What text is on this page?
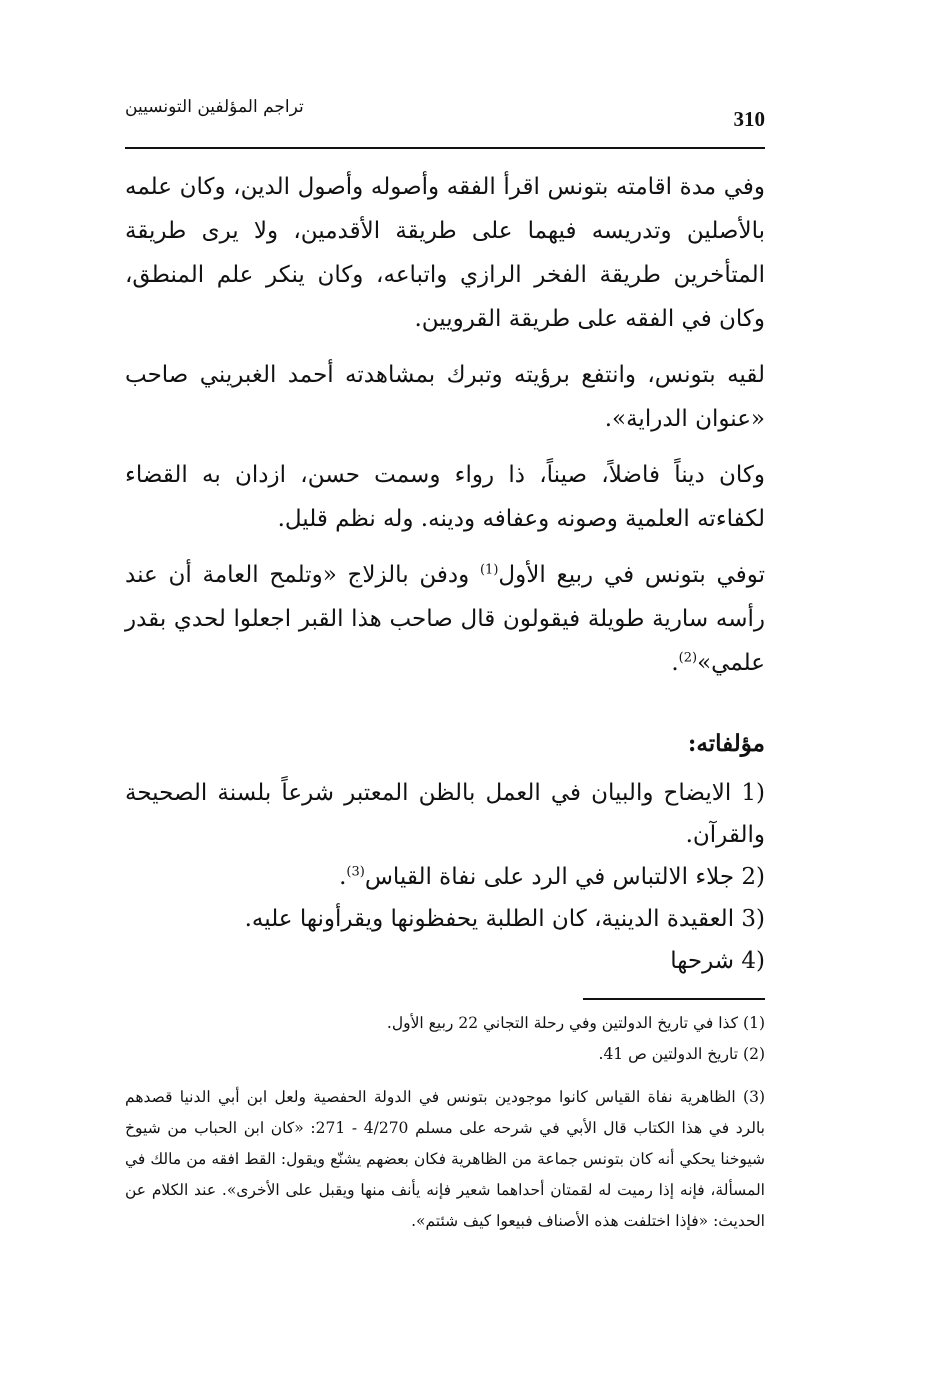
310
تراجم المؤلفين التونسيين

وفي مدة اقامته بتونس اقرأ الفقه وأصوله وأصول الدين، وكان علمه بالأصلين وتدريسه فيهما على طريقة الأقدمين، ولا يرى طريقة المتأخرين طريقة الفخر الرازي واتباعه، وكان ينكر علم المنطق، وكان في الفقه على طريقة القرويين.

لقيه بتونس، وانتفع برؤيته وتبرك بمشاهدته أحمد الغبريني صاحب «عنوان الدراية».

وكان ديناً فاضلاً، صيناً، ذا رواء وسمت حسن، ازدان به القضاء لكفاءته العلمية وصونه وعفافه ودينه. وله نظم قليل.

توفي بتونس في ربيع الأول$^{(1)}$ ودفن بالزلاج «وتلمح العامة أن عند رأسه سارية طويلة فيقولون قال صاحب هذا القبر اجعلوا لحدي بقدر علمي»$^{(2)}$.

مؤلفاته:
1) الايضاح والبيان في العمل بالظن المعتبر شرعاً بلسنة الصحيحة والقرآن.
2) جلاء الالتباس في الرد على نفاة القياس$^{(3)}$.
3) العقيدة الدينية، كان الطلبة يحفظونها ويقرأونها عليه.
4) شرحها

(1) كذا في تاريخ الدولتين وفي رحلة التجاني 22 ربيع الأول.

(2) تاريخ الدولتين ص 41.

(3) الظاهرية نفاة القياس كانوا موجودين بتونس في الدولة الحفصية ولعل ابن أبي الدنيا قصدهم بالرد في هذا الكتاب قال الأبي في شرحه على مسلم 4/270 - 271: «كان ابن الحباب من شيوخ شيوخنا يحكي أنه كان بتونس جماعة من الظاهرية فكان بعضهم يشنّع ويقول: القط افقه من مالك في المسألة، فإنه إذا رميت له لقمتان أحداهما شعير فإنه يأنف منها ويقبل على الأخرى». عند الكلام عن الحديث: «فإذا اختلفت هذه الأصناف فبيعوا كيف شئتم».
